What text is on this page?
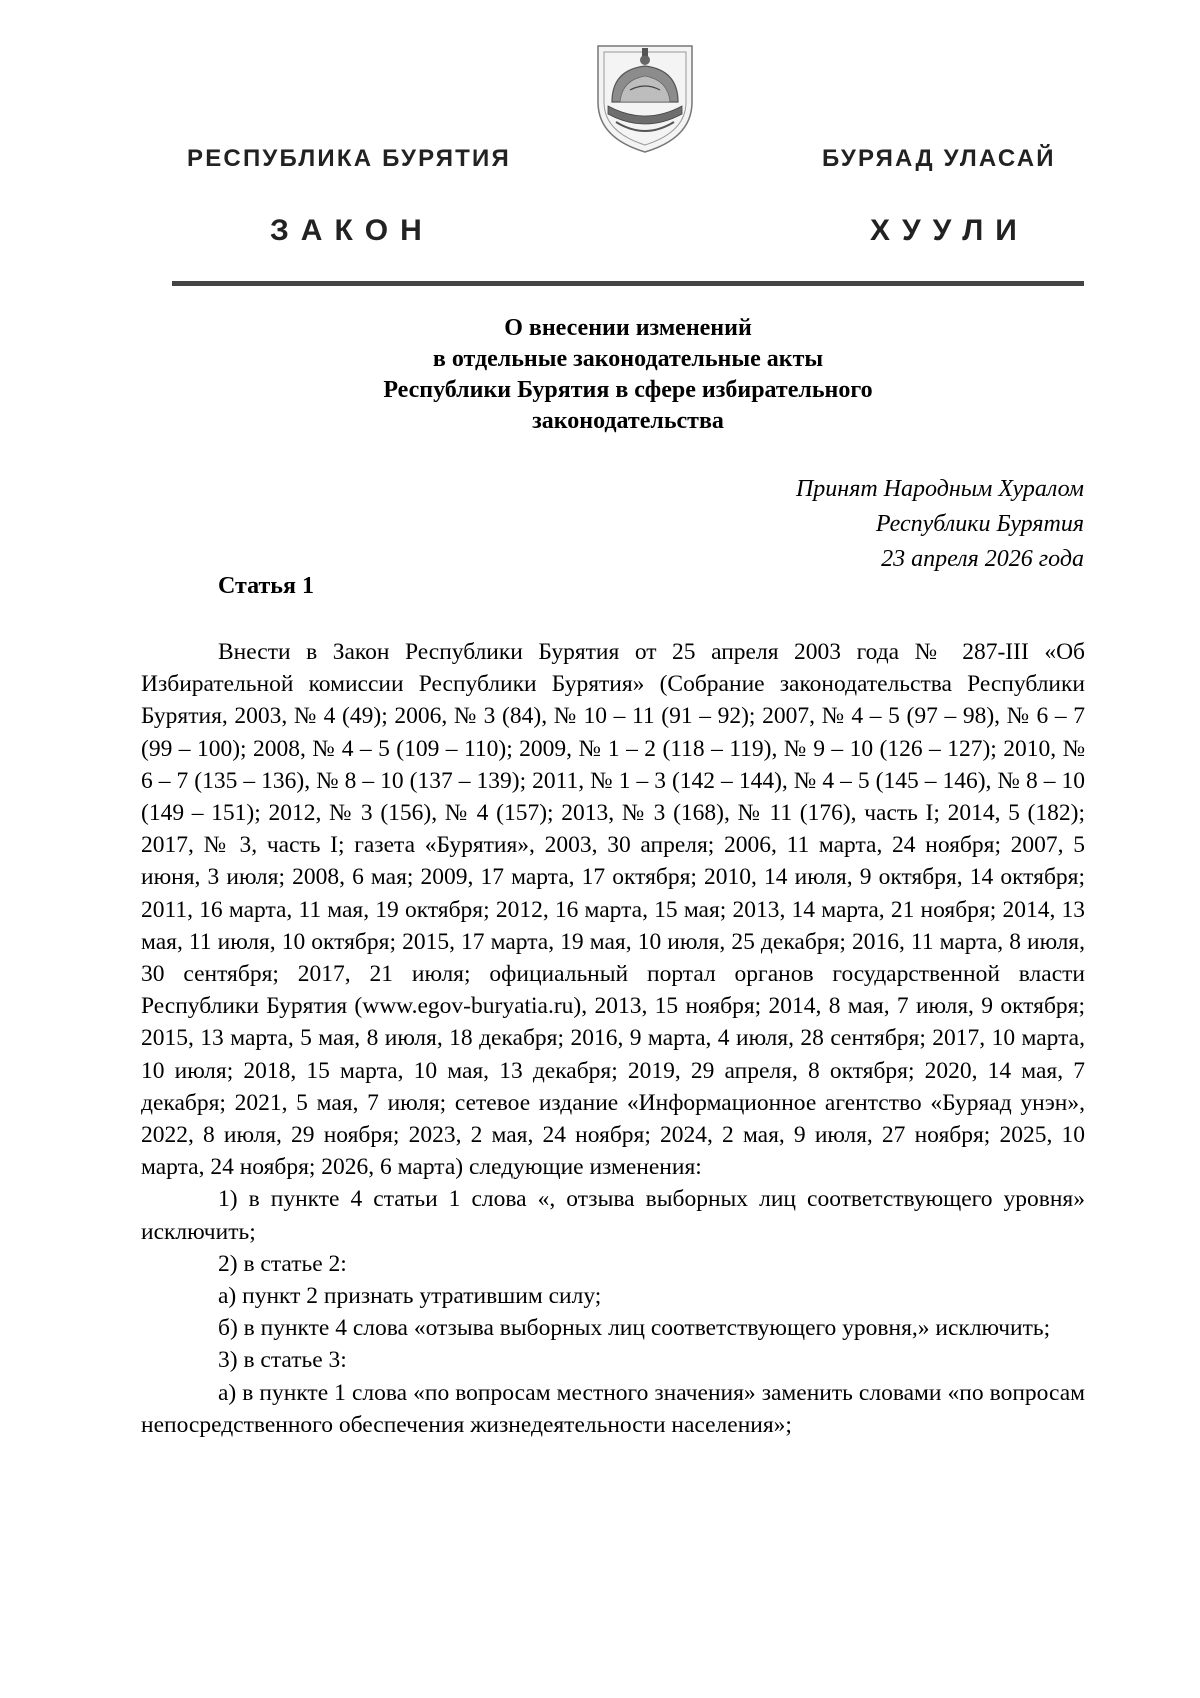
РЕСПУБЛИКА БУРЯТИЯ	БУРЯАД УЛАСАЙ
ЗАКОН	ХУУЛИ
О внесении изменений
в отдельные законодательные акты
Республики Бурятия в сфере избирательного
законодательства
Принят Народным Хуралом
Республики Бурятия
23 апреля 2026 года
Статья 1

Внести в Закон Республики Бурятия от 25 апреля 2003 года № 287-III «Об Избирательной комиссии Республики Бурятия» (Собрание законодательства Республики Бурятия, 2003, № 4 (49); 2006, № 3 (84), № 10 – 11 (91 – 92); 2007, № 4 – 5 (97 – 98), № 6 – 7 (99 – 100); 2008, № 4 – 5 (109 – 110); 2009, № 1 – 2 (118 – 119), № 9 – 10 (126 – 127); 2010, № 6 – 7 (135 – 136), № 8 – 10 (137 – 139); 2011, № 1 – 3 (142 – 144), № 4 – 5 (145 – 146), № 8 – 10 (149 – 151); 2012, № 3 (156), № 4 (157); 2013, № 3 (168), № 11 (176), часть I; 2014, 5 (182); 2017, № 3, часть I; газета «Бурятия», 2003, 30 апреля; 2006, 11 марта, 24 ноября; 2007, 5 июня, 3 июля; 2008, 6 мая; 2009, 17 марта, 17 октября; 2010, 14 июля, 9 октября, 14 октября; 2011, 16 марта, 11 мая, 19 октября; 2012, 16 марта, 15 мая; 2013, 14 марта, 21 ноября; 2014, 13 мая, 11 июля, 10 октября; 2015, 17 марта, 19 мая, 10 июля, 25 декабря; 2016, 11 марта, 8 июля, 30 сентября; 2017, 21 июля; официальный портал органов государственной власти Республики Бурятия (www.egov-buryatia.ru), 2013, 15 ноября; 2014, 8 мая, 7 июля, 9 октября; 2015, 13 марта, 5 мая, 8 июля, 18 декабря; 2016, 9 марта, 4 июля, 28 сентября; 2017, 10 марта, 10 июля; 2018, 15 марта, 10 мая, 13 декабря; 2019, 29 апреля, 8 октября; 2020, 14 мая, 7 декабря; 2021, 5 мая, 7 июля; сетевое издание «Информационное агентство «Буряад унэн», 2022, 8 июля, 29 ноября; 2023, 2 мая, 24 ноября; 2024, 2 мая, 9 июля, 27 ноября; 2025, 10 марта, 24 ноября; 2026, 6 марта) следующие изменения:

1) в пункте 4 статьи 1 слова «, отзыва выборных лиц соответствующего уровня» исключить;

2) в статье 2:

а) пункт 2 признать утратившим силу;

б) в пункте 4 слова «отзыва выборных лиц соответствующего уровня,» исключить;

3) в статье 3:

а) в пункте 1 слова «по вопросам местного значения» заменить словами «по вопросам непосредственного обеспечения жизнедеятельности населения»;
